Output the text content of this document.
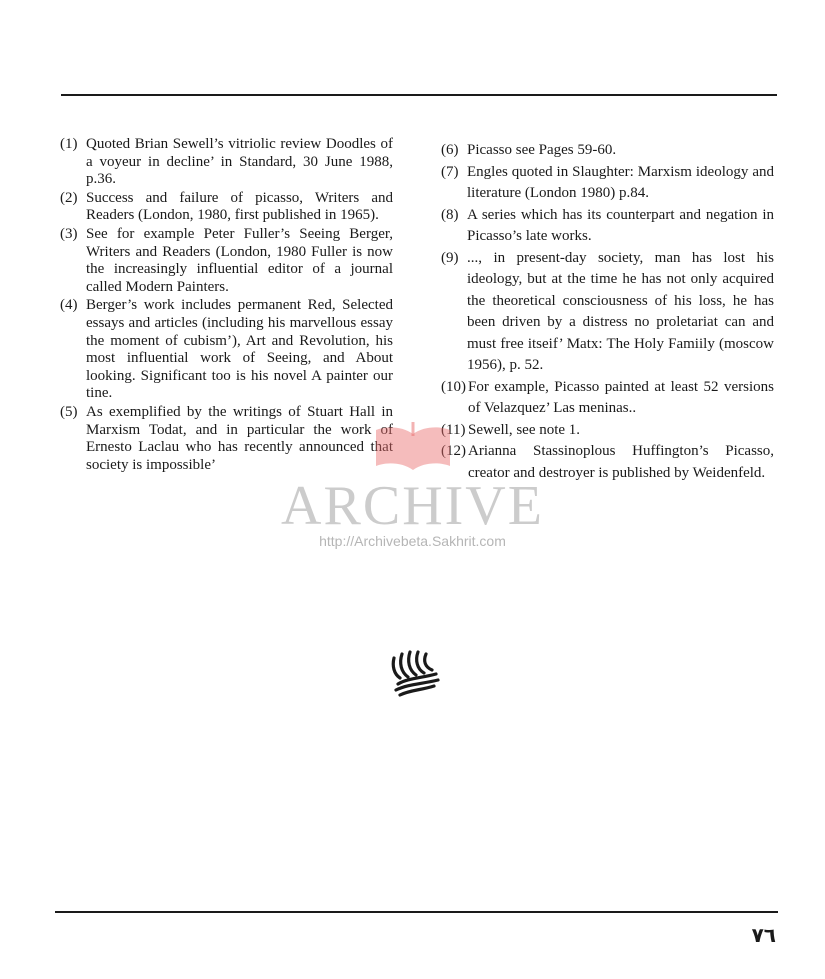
(1) Quoted Brian Sewell’s vitriolic review Doodles of a voyeur in decline’ in Standard, 30 June 1988, p.36.

(2) Success and failure of picasso, Writers and Readers (London, 1980, first published in 1965).

(3) See for example Peter Fuller’s Seeing Berger, Writers and Readers (London, 1980 Fuller is now the increasingly influential editor of a journal called Modern Painters.

(4) Berger’s work includes permanent Red, Selected essays and articles (including his marvellous essay the moment of cubism’), Art and Revolution, his most influential work of Seeing, and About looking. Significant too is his novel A painter our tine.

(5) As exemplified by the writings of Stuart Hall in Marxism Todat, and in particular the work of Ernesto Laclau who has recently announced that society is impossible’

(6) Picasso see Pages 59-60.

(7) Engles quoted in Slaughter: Marxism ideology and literature (London 1980) p.84.

(8) A series which has its counterpart and negation in Picasso’s late works.

(9) ..., in present-day society, man has lost his ideology, but at the time he has not only acquired the theoretical consciousness of his loss, he has been driven by a distress no proletariat can and must free itseif’ Matx: The Holy Famiily (moscow 1956), p. 52.

(10) For example, Picasso painted at least 52 versions of Velazquez’ Las meninas..

(11) Sewell, see note 1.

(12) Arianna Stassinoplous Huffington’s Picasso, creator and destroyer is published by Weidenfeld.

ARCHIVE
http://Archivebeta.Sakhrit.com
٧٦
